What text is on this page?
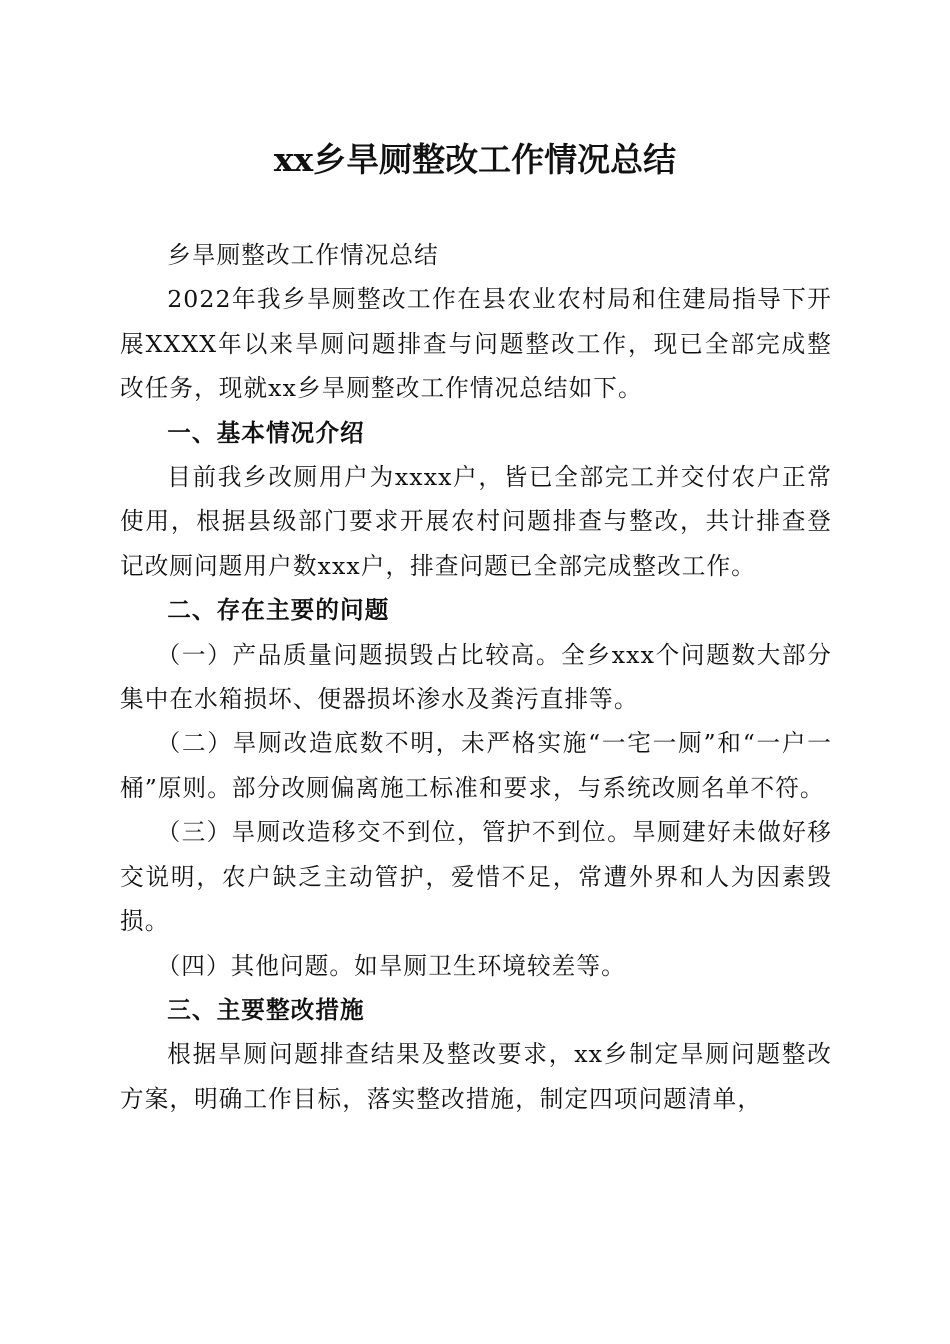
xx乡旱厕整改工作情况总结

乡旱厕整改工作情况总结

2022年我乡旱厕整改工作在县农业农村局和住建局指导下开展XXXX年以来旱厕问题排查与问题整改工作，现已全部完成整改任务，现就xx乡旱厕整改工作情况总结如下。

一、基本情况介绍

目前我乡改厕用户为xxxx户，皆已全部完工并交付农户正常使用，根据县级部门要求开展农村问题排查与整改，共计排查登记改厕问题用户数xxx户，排查问题已全部完成整改工作。

二、存在主要的问题

（一）产品质量问题损毁占比较高。全乡xxx个问题数大部分集中在水箱损坏、便器损坏渗水及粪污直排等。

（二）旱厕改造底数不明，未严格实施“一宅一厕”和“一户一桶”原则。部分改厕偏离施工标准和要求，与系统改厕名单不符。

（三）旱厕改造移交不到位，管护不到位。旱厕建好未做好移交说明，农户缺乏主动管护，爱惜不足，常遭外界和人为因素毁损。

（四）其他问题。如旱厕卫生环境较差等。

三、主要整改措施

根据旱厕问题排查结果及整改要求，xx乡制定旱厕问题整改方案，明确工作目标，落实整改措施，制定四项问题清单，
